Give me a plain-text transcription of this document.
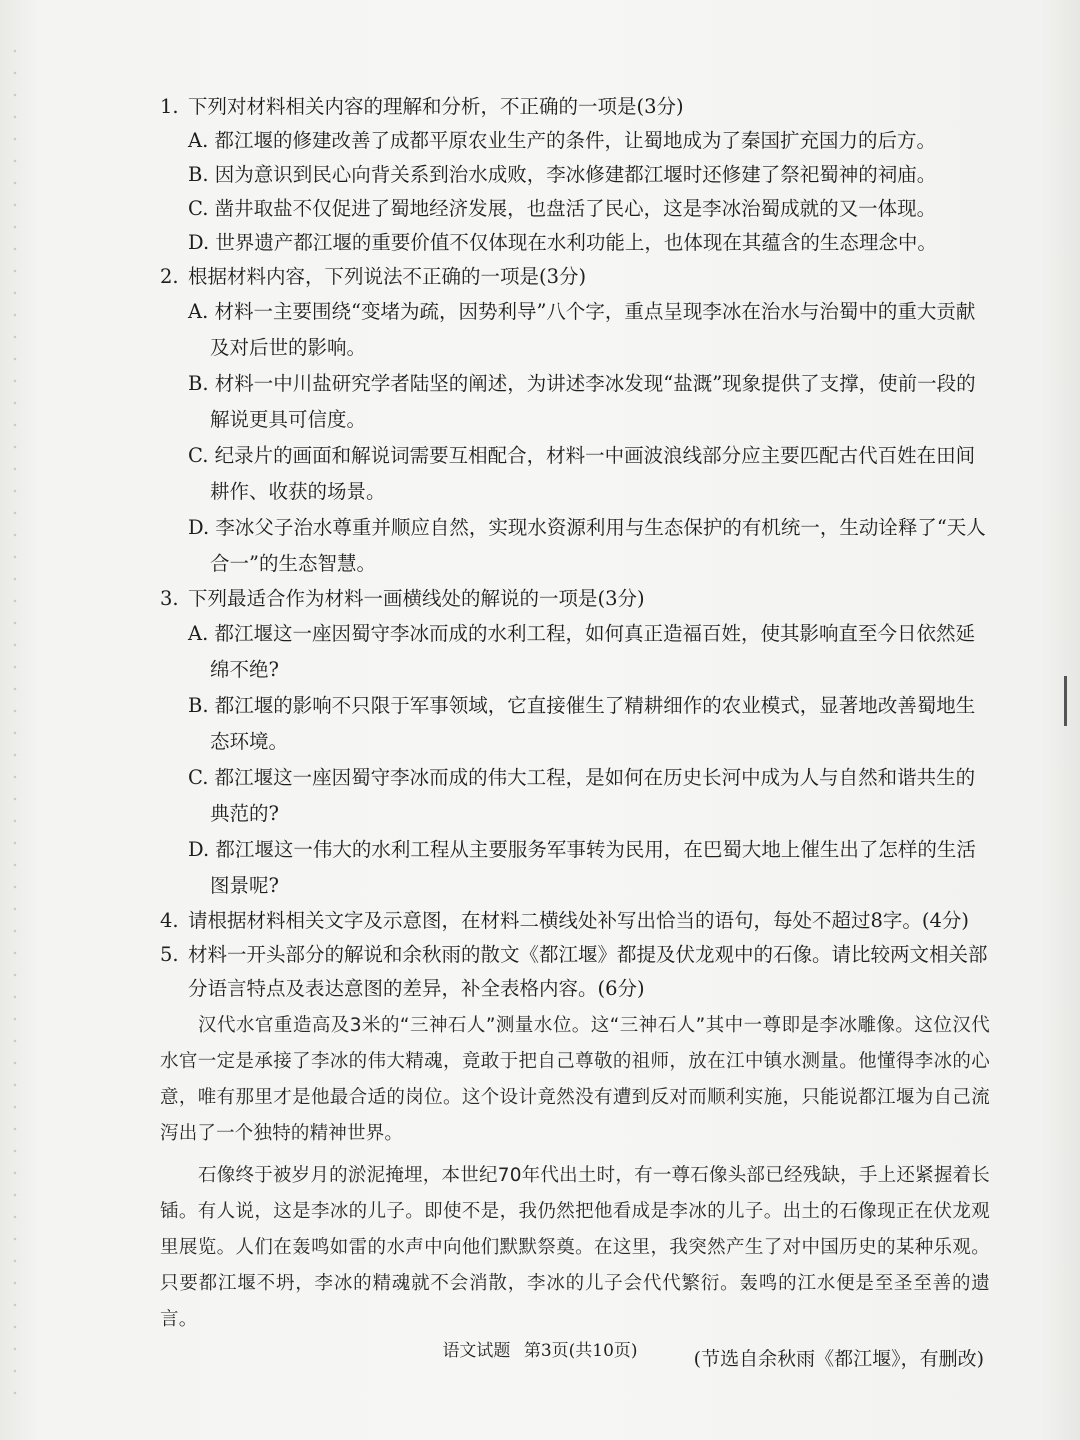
1. 下列对材料相关内容的理解和分析，不正确的一项是(3分)
A. 都江堰的修建改善了成都平原农业生产的条件，让蜀地成为了秦国扩充国力的后方。
B. 因为意识到民心向背关系到治水成败，李冰修建都江堰时还修建了祭祀蜀神的祠庙。
C. 凿井取盐不仅促进了蜀地经济发展，也盘活了民心，这是李冰治蜀成就的又一体现。
D. 世界遗产都江堰的重要价值不仅体现在水利功能上，也体现在其蕴含的生态理念中。
2. 根据材料内容，下列说法不正确的一项是(3分)
A. 材料一主要围绕“变堵为疏，因势利导”八个字，重点呈现李冰在治水与治蜀中的重大贡献及对后世的影响。
B. 材料一中川盐研究学者陆坚的阐述，为讲述李冰发现“盐溉”现象提供了支撑，使前一段的解说更具可信度。
C. 纪录片的画面和解说词需要互相配合，材料一中画波浪线部分应主要匹配古代百姓在田间耕作、收获的场景。
D. 李冰父子治水尊重并顺应自然，实现水资源利用与生态保护的有机统一，生动诠释了“天人合一”的生态智慧。
3. 下列最适合作为材料一画横线处的解说的一项是(3分)
A. 都江堰这一座因蜀守李冰而成的水利工程，如何真正造福百姓，使其影响直至今日依然延绵不绝?
B. 都江堰的影响不只限于军事领域，它直接催生了精耕细作的农业模式，显著地改善蜀地生态环境。
C. 都江堰这一座因蜀守李冰而成的伟大工程，是如何在历史长河中成为人与自然和谐共生的典范的?
D. 都江堰这一伟大的水利工程从主要服务军事转为民用，在巴蜀大地上催生出了怎样的生活图景呢?
4. 请根据材料相关文字及示意图，在材料二横线处补写出恰当的语句，每处不超过8字。(4分)
5. 材料一开头部分的解说和余秋雨的散文《都江堰》都提及伏龙观中的石像。请比较两文相关部分语言特点及表达意图的差异，补全表格内容。(6分)

汉代水官重造高及3米的“三神石人”测量水位。这“三神石人”其中一尊即是李冰雕像。这位汉代水官一定是承接了李冰的伟大精魂，竟敢于把自己尊敬的祖师，放在江中镇水测量。他懂得李冰的心意，唯有那里才是他最合适的岗位。这个设计竟然没有遭到反对而顺利实施，只能说都江堰为自己流泻出了一个独特的精神世界。

石像终于被岁月的淤泥掩埋，本世纪70年代出土时，有一尊石像头部已经残缺，手上还紧握着长锸。有人说，这是李冰的儿子。即使不是，我仍然把他看成是李冰的儿子。出土的石像现正在伏龙观里展览。人们在轰鸣如雷的水声中向他们默默祭奠。在这里，我突然产生了对中国历史的某种乐观。只要都江堰不坍，李冰的精魂就不会消散，李冰的儿子会代代繁衍。轰鸣的江水便是至圣至善的遗言。

(节选自余秋雨《都江堰》，有删改)
语文试题 第3页(共10页)
